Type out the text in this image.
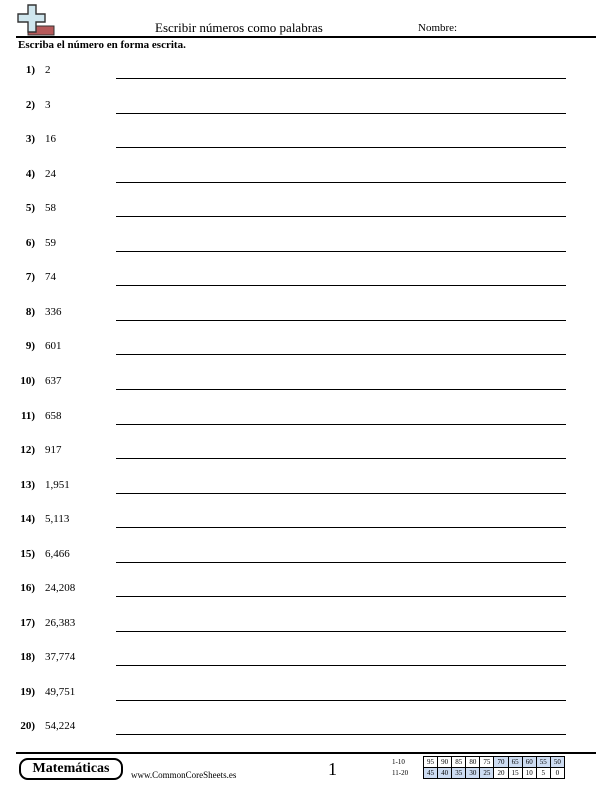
Escribir números como palabras	Nombre:
Escriba el número en forma escrita.
1) 2
2) 3
3) 16
4) 24
5) 58
6) 59
7) 74
8) 336
9) 601
10) 637
11) 658
12) 917
13) 1,951
14) 5,113
15) 6,466
16) 24,208
17) 26,383
18) 37,774
19) 49,751
20) 54,224
Matemáticas	www.CommonCoreSheets.es	1	1-10	95	90	85	80	75	70	65	60	55	50
11-20	45	40	35	30	25	20	15	10	5	0
